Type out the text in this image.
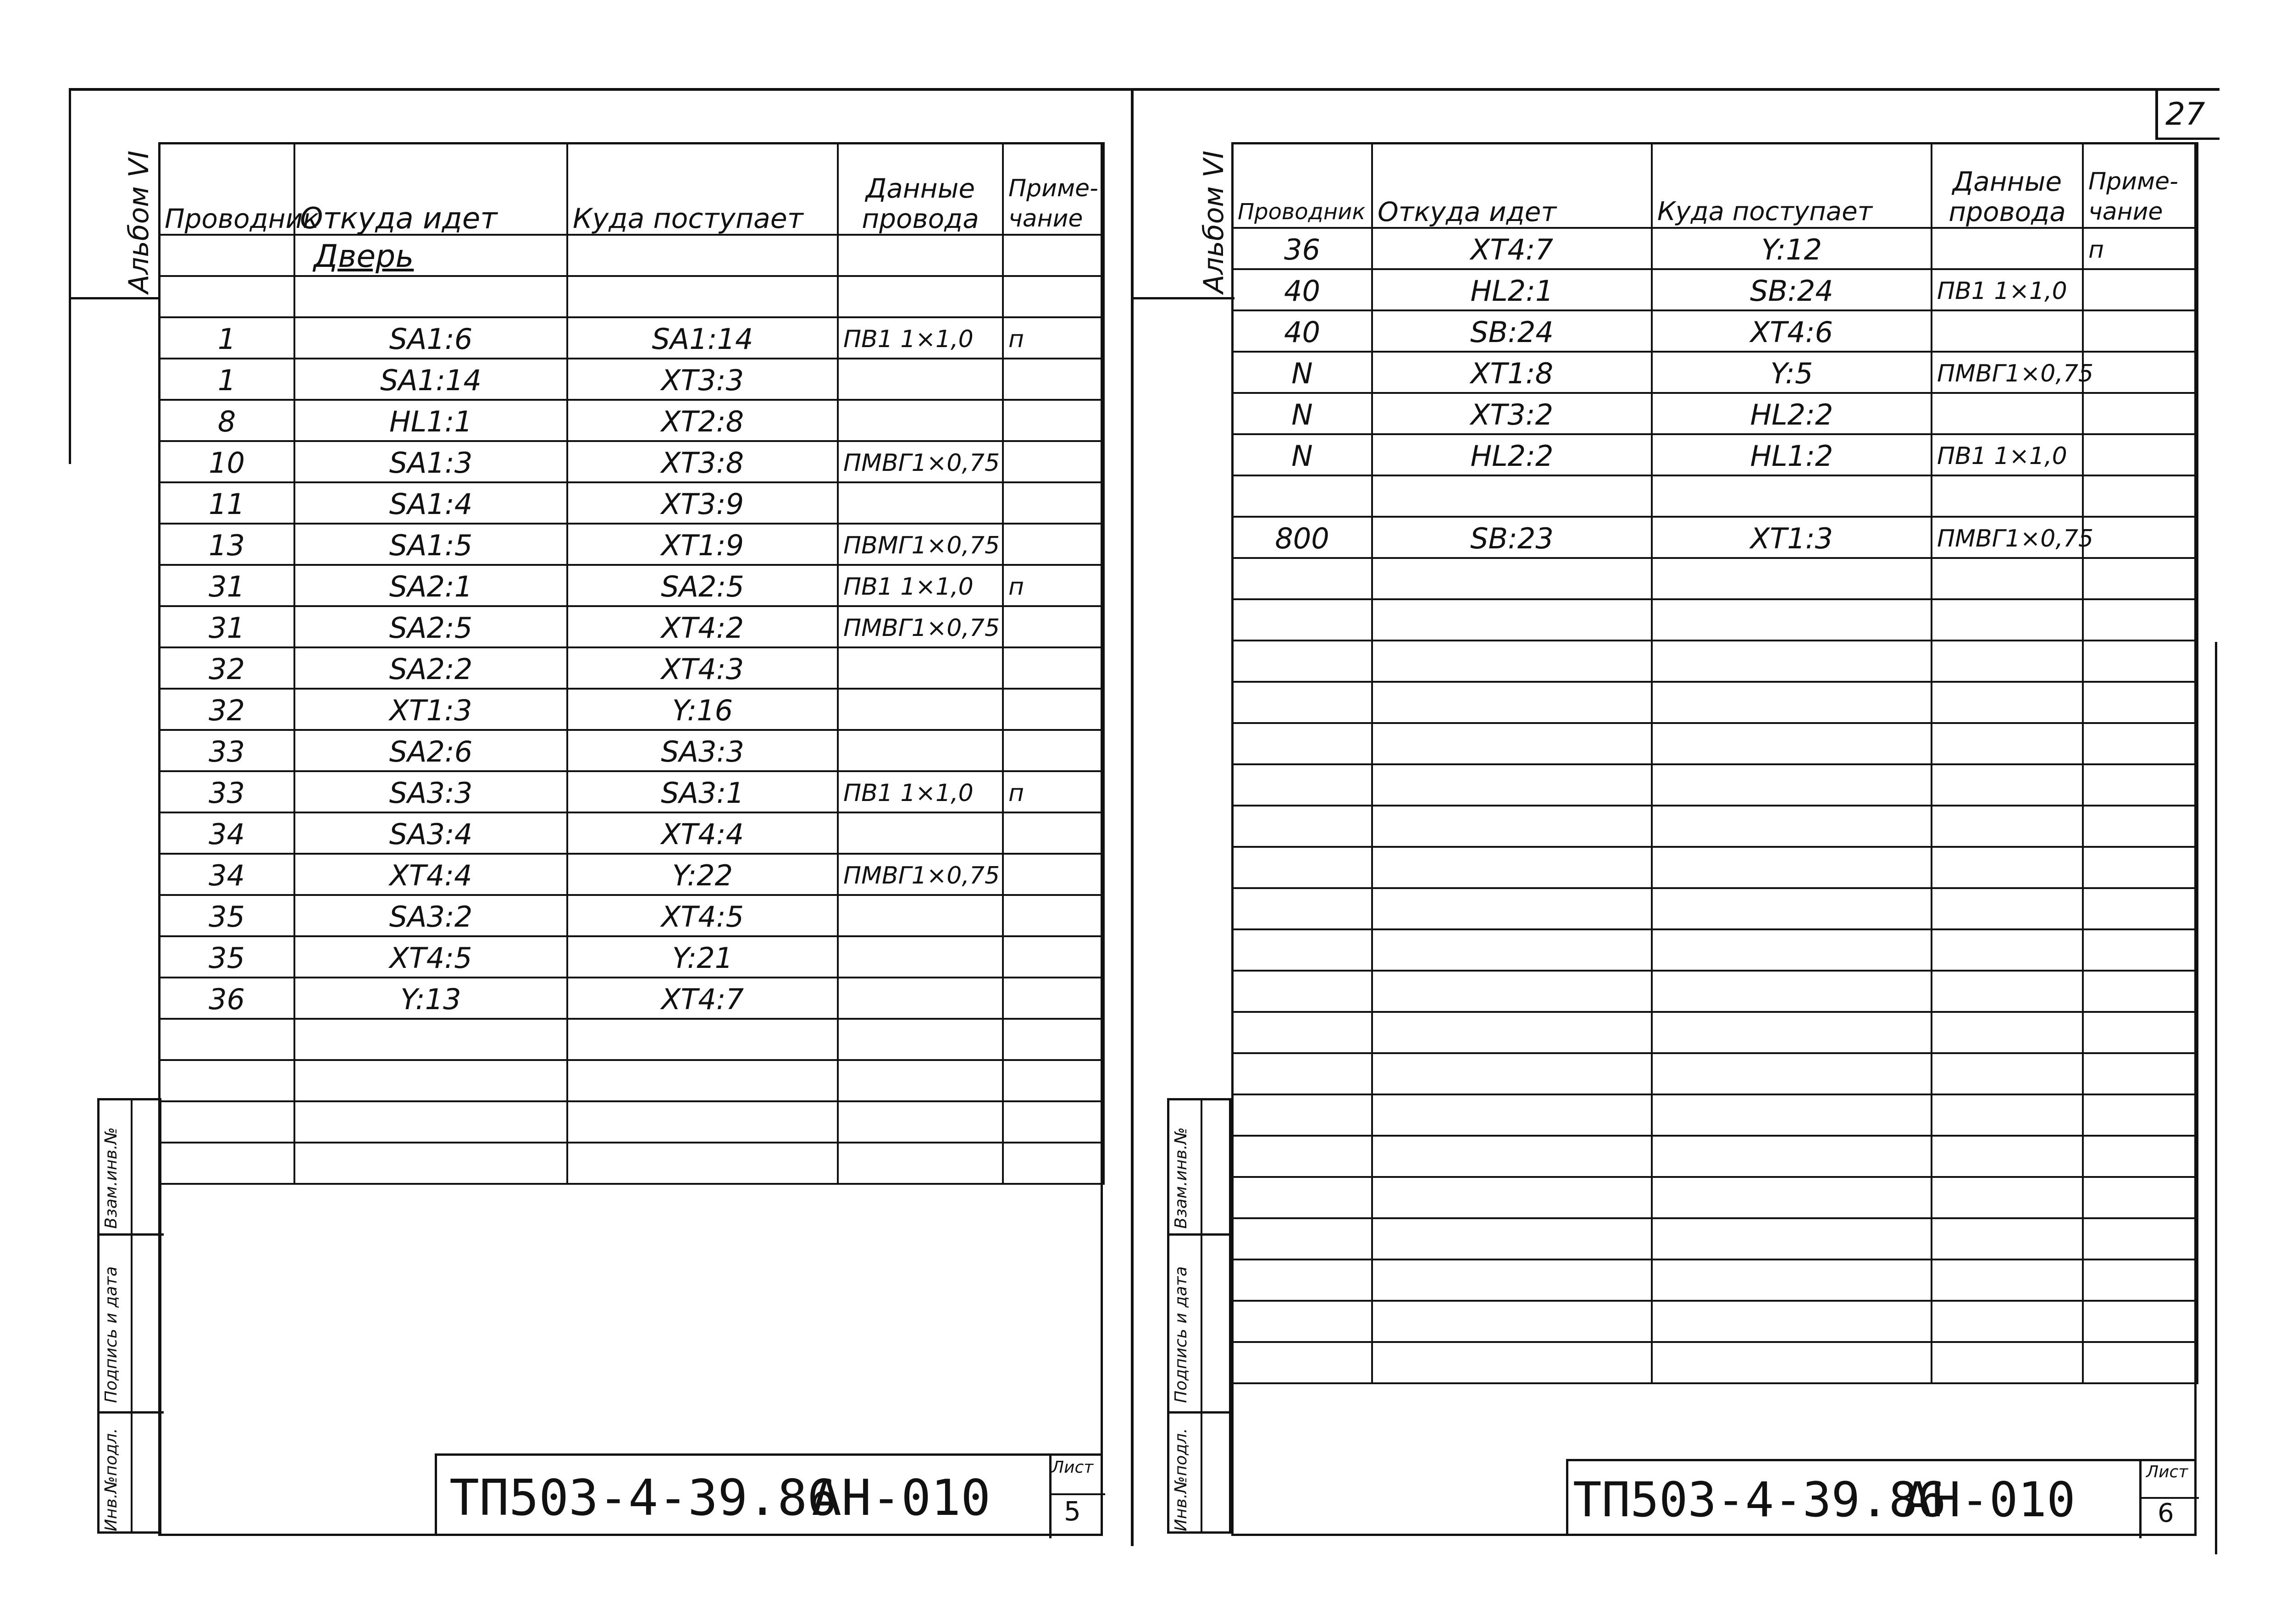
27
Альбом VI
Взам.инв.№
Подпись и дата
Инв.№подл.
Проводник	Откуда идет	Куда поступает	Данные провода	Приме-чание
	Дверь			

1	SA1:6	SA1:14	ПВ1 1×1,0	п
1	SA1:14	XT3:3		
8	HL1:1	XT2:8		
10	SA1:3	XT3:8	ПМВГ1×0,75	
11	SA1:4	XT3:9		
13	SA1:5	XT1:9	ПВМГ1×0,75	
31	SA2:1	SA2:5	ПВ1 1×1,0	п
31	SA2:5	XT4:2	ПМВГ1×0,75	
32	SA2:2	XT4:3		
32	XT1:3	Y:16		
33	SA2:6	SA3:3		
33	SA3:3	SA3:1	ПВ1 1×1,0	п
34	SA3:4	XT4:4		
34	XT4:4	Y:22	ПМВГ1×0,75	
35	SA3:2	XT4:5		
35	XT4:5	Y:21		
36	Y:13	XT4:7		

ТП503-4-39.86
АН-010
Лист
5
Альбом VI
Взам.инв.№
Подпись и дата
Инв.№подл.
Проводник	Откуда идет	Куда поступает	Данные провода	Приме-чание
36	XT4:7	Y:12		п
40	HL2:1	SB:24	ПВ1 1×1,0	
40	SB:24	XT4:6		
N	XT1:8	Y:5	ПМВГ1×0,75	
N	XT3:2	HL2:2		
N	HL2:2	HL1:2	ПВ1 1×1,0	

800	SB:23	XT1:3	ПМВГ1×0,75	

ТП503-4-39.86
АН-010	Лист
6
